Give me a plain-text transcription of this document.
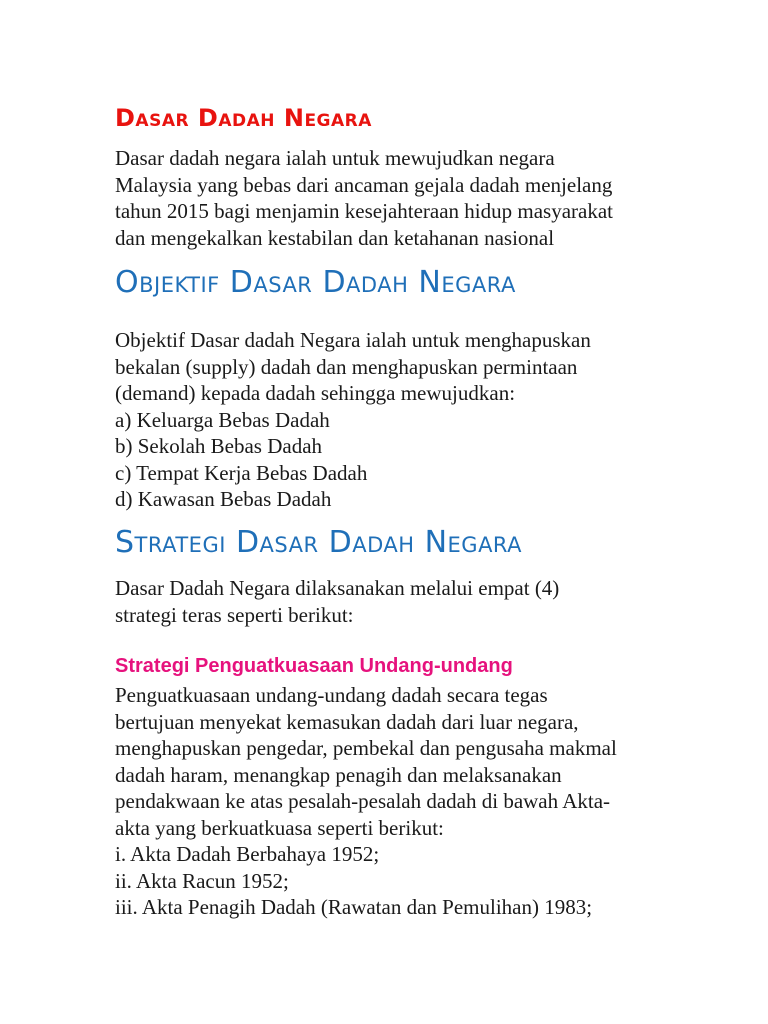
Dasar Dadah Negara

Dasar dadah negara ialah untuk mewujudkan negara
Malaysia yang bebas dari ancaman gejala dadah menjelang
tahun 2015 bagi menjamin kesejahteraan hidup masyarakat
dan mengekalkan kestabilan dan ketahanan nasional

Objektif Dasar Dadah Negara

Objektif Dasar dadah Negara ialah untuk menghapuskan
bekalan (supply) dadah dan menghapuskan permintaan
(demand) kepada dadah sehingga mewujudkan:
a) Keluarga Bebas Dadah
b) Sekolah Bebas Dadah
c) Tempat Kerja Bebas Dadah
d) Kawasan Bebas Dadah

Strategi Dasar Dadah Negara

Dasar Dadah Negara dilaksanakan melalui empat (4)
strategi teras seperti berikut:

Strategi Penguatkuasaan Undang-undang

Penguatkuasaan undang-undang dadah secara tegas
bertujuan menyekat kemasukan dadah dari luar negara,
menghapuskan pengedar, pembekal dan pengusaha makmal
dadah haram, menangkap penagih dan melaksanakan
pendakwaan ke atas pesalah-pesalah dadah di bawah Akta-
akta yang berkuatkuasa seperti berikut:
i. Akta Dadah Berbahaya 1952;
ii. Akta Racun 1952;
iii. Akta Penagih Dadah (Rawatan dan Pemulihan) 1983;
